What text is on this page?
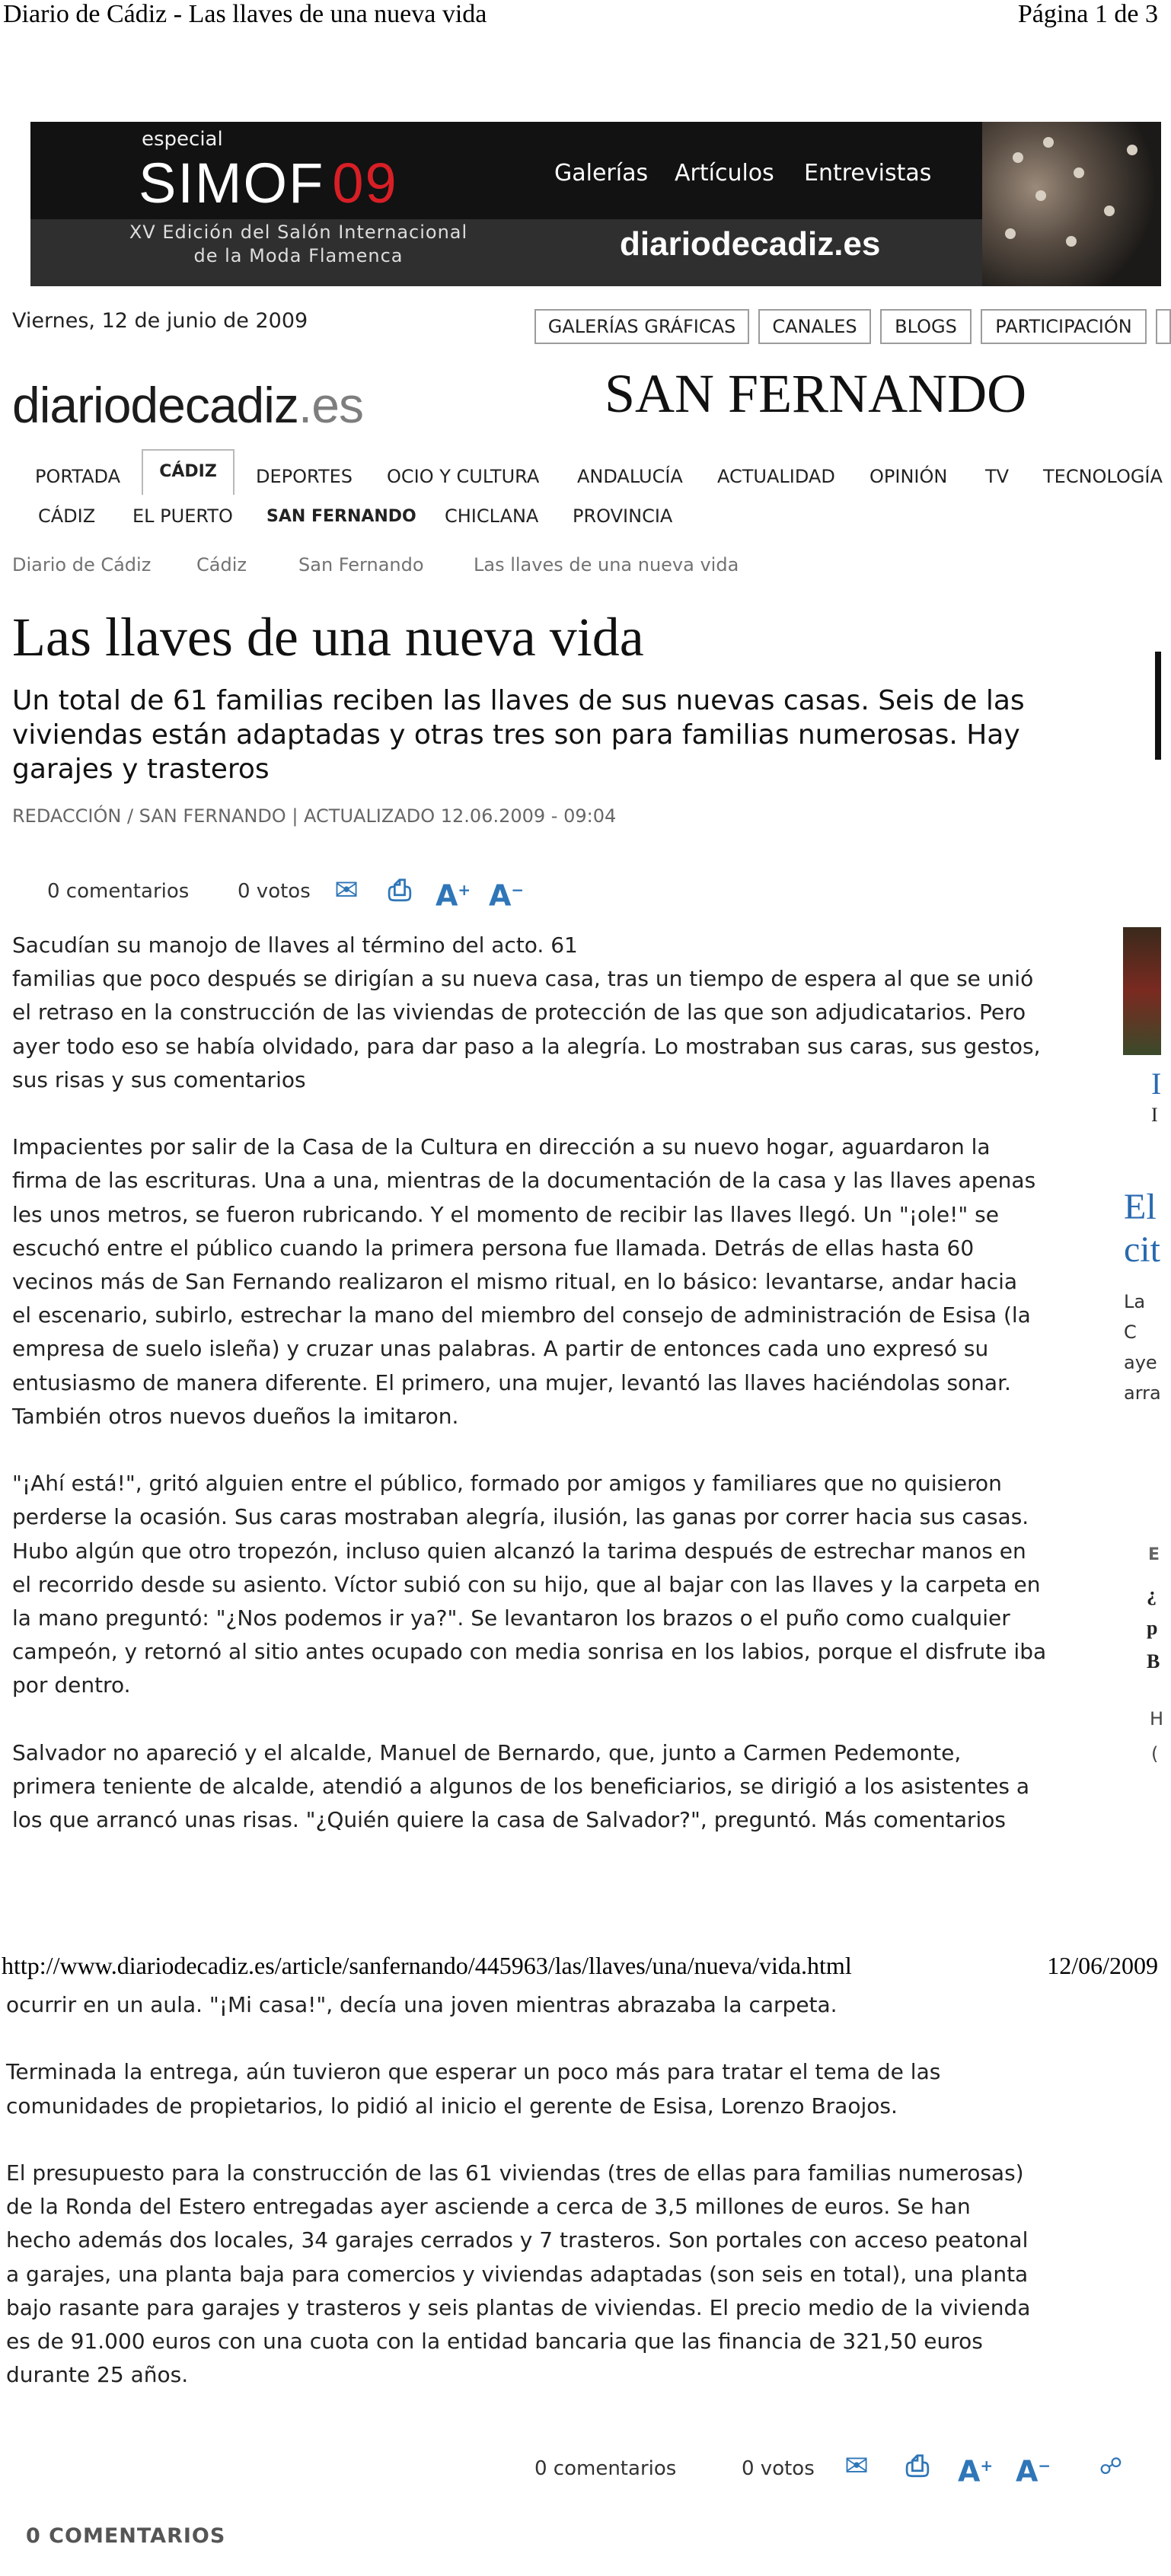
Diario de Cádiz - Las llaves de una nueva vida	Página 1 de 3
especial
SIMOF 09
XV Edición del Salón Internacional
de la Moda Flamenca
Galerías Artículos Entrevistas
diariodecadiz.es
Viernes, 12 de junio de 2009	GALERÍAS GRÁFICAS	CANALES	BLOGS	PARTICIPACIÓN
diariodecadiz.es	SAN FERNANDO
PORTADA	CÁDIZ	DEPORTES OCIO Y CULTURA ANDALUCÍA ACTUALIDAD OPINIÓN TV TECNOLOGÍA
CÁDIZ EL PUERTO SAN FERNANDO CHICLANA PROVINCIA
Diario de Cádiz Cádiz	San Fernando	Las llaves de una nueva vida
Las llaves de una nueva vida
Un total de 61 familias reciben las llaves de sus nuevas casas. Seis de las viviendas están adaptadas y otras tres son para familias numerosas. Hay garajes y trasteros
REDACCIÓN / SAN FERNANDO | ACTUALIZADO 12.06.2009 - 09:04
0 comentarios 0 votos ✉ ⎙ A+ A−

Sacudían su manojo de llaves al término del acto. 61
familias que poco después se dirigían a su nueva casa, tras un tiempo de espera al que se unió
el retraso en la construcción de las viviendas de protección de las que son adjudicatarios. Pero
ayer todo eso se había olvidado, para dar paso a la alegría. Lo mostraban sus caras, sus gestos,
sus risas y sus comentarios

Impacientes por salir de la Casa de la Cultura en dirección a su nuevo hogar, aguardaron la
firma de las escrituras. Una a una, mientras de la documentación de la casa y las llaves apenas
les unos metros, se fueron rubricando. Y el momento de recibir las llaves llegó. Un "¡ole!" se
escuchó entre el público cuando la primera persona fue llamada. Detrás de ellas hasta 60
vecinos más de San Fernando realizaron el mismo ritual, en lo básico: levantarse, andar hacia
el escenario, subirlo, estrechar la mano del miembro del consejo de administración de Esisa (la
empresa de suelo isleña) y cruzar unas palabras. A partir de entonces cada uno expresó su
entusiasmo de manera diferente. El primero, una mujer, levantó las llaves haciéndolas sonar.
También otros nuevos dueños la imitaron.

"¡Ahí está!", gritó alguien entre el público, formado por amigos y familiares que no quisieron
perderse la ocasión. Sus caras mostraban alegría, ilusión, las ganas por correr hacia sus casas.
Hubo algún que otro tropezón, incluso quien alcanzó la tarima después de estrechar manos en
el recorrido desde su asiento. Víctor subió con su hijo, que al bajar con las llaves y la carpeta en
la mano preguntó: "¿Nos podemos ir ya?". Se levantaron los brazos o el puño como cualquier
campeón, y retornó al sitio antes ocupado con media sonrisa en los labios, porque el disfrute iba
por dentro.

Salvador no apareció y el alcalde, Manuel de Bernardo, que, junto a Carmen Pedemonte,
primera teniente de alcalde, atendió a algunos de los beneficiarios, se dirigió a los asistentes a
los que arrancó unas risas. "¿Quién quiere la casa de Salvador?", preguntó. Más comentarios

I
I
El
cit
La C
aye
arra
E
¿
p
B
H
(
http://www.diariodecadiz.es/article/sanfernando/445963/las/llaves/una/nueva/vida.html	12/06/2009

ocurrir en un aula. "¡Mi casa!", decía una joven mientras abrazaba la carpeta.

Terminada la entrega, aún tuvieron que esperar un poco más para tratar el tema de las
comunidades de propietarios, lo pidió al inicio el gerente de Esisa, Lorenzo Braojos.

El presupuesto para la construcción de las 61 viviendas (tres de ellas para familias numerosas)
de la Ronda del Estero entregadas ayer asciende a cerca de 3,5 millones de euros. Se han
hecho además dos locales, 34 garajes cerrados y 7 trasteros. Son portales con acceso peatonal
a garajes, una planta baja para comercios y viviendas adaptadas (son seis en total), una planta
bajo rasante para garajes y trasteros y seis plantas de viviendas. El precio medio de la vivienda
es de 91.000 euros con una cuota con la entidad bancaria que las financia de 321,50 euros
durante 25 años.

0 comentarios	0 votos ✉ ⎙ A+ A− ☍
0 COMENTARIOS
